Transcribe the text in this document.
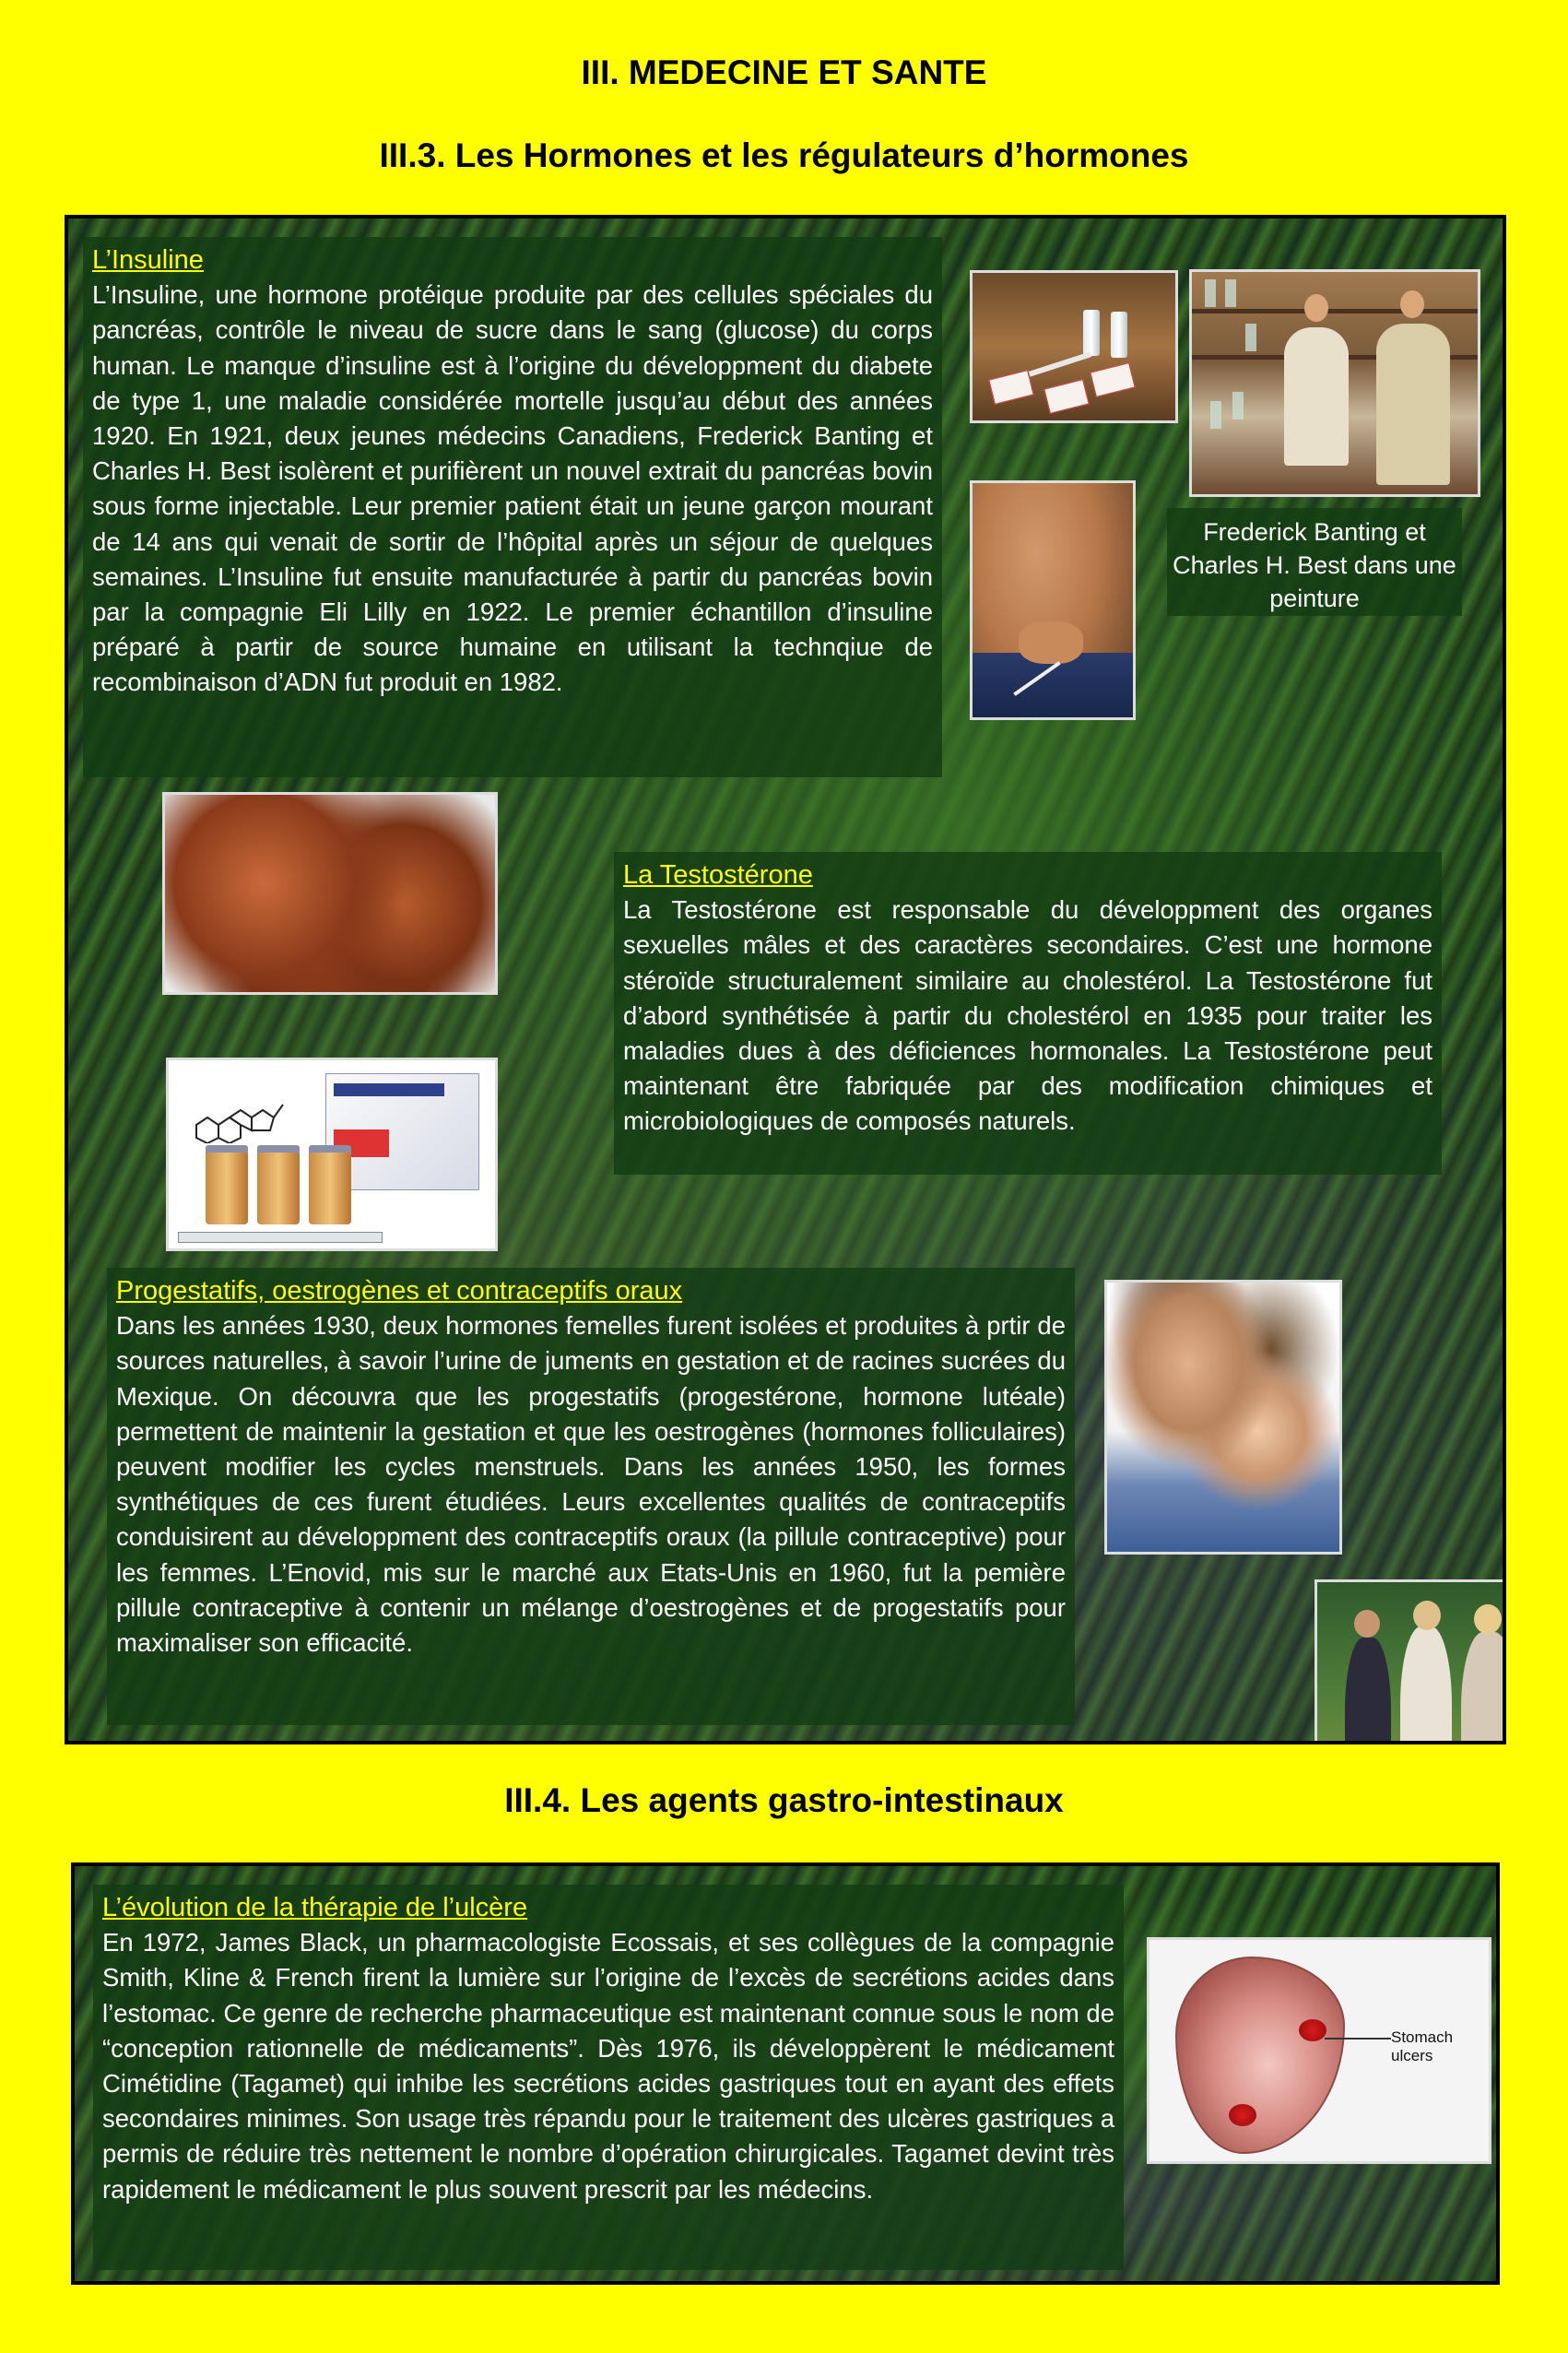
III. MEDECINE ET SANTE
III.3. Les Hormones et les régulateurs d’hormones
L’Insuline

L’Insuline, une hormone protéique produite par des cellules spéciales du pancréas, contrôle le niveau de sucre dans le sang (glucose) du corps human. Le manque d’insuline est à l’origine du développment du diabete de type 1, une maladie considérée mortelle jusqu’au début des années 1920. En 1921, deux jeunes médecins Canadiens, Frederick Banting et Charles H. Best isolèrent et purifièrent un nouvel extrait du pancréas bovin sous forme injectable. Leur premier patient était un jeune garçon mourant de 14 ans qui venait de sortir de l’hôpital après un séjour de quelques semaines. L’Insuline fut ensuite manufacturée à partir du pancréas bovin par la compagnie Eli Lilly en 1922. Le premier échantillon d’insuline préparé à partir de source humaine en utilisant la technqiue de recombinaison d’ADN fut produit en 1982.

Frederick Banting et Charles H. Best dans une peinture
La Testostérone

La Testostérone est responsable du développment des organes sexuelles mâles et des caractères secondaires. C’est une hormone stéroïde structuralement similaire au cholestérol. La Testostérone fut d’abord synthétisée à partir du cholestérol en 1935 pour traiter les maladies dues à des déficiences hormonales. La Testostérone peut maintenant être fabriquée par des modification chimiques et microbiologiques de composés naturels.

Progestatifs, oestrogènes et contraceptifs oraux

Dans les années 1930, deux hormones femelles furent isolées et produites à prtir de sources naturelles, à savoir l’urine de juments en gestation et de racines sucrées du Mexique. On découvra que les progestatifs (progestérone, hormone lutéale) permettent de maintenir la gestation et que les oestrogènes (hormones folliculaires) peuvent modifier les cycles menstruels. Dans les années 1950, les formes synthétiques de ces furent étudiées. Leurs excellentes qualités de contraceptifs conduisirent au développment des contraceptifs oraux (la pillule contraceptive) pour les femmes. L’Enovid, mis sur le marché aux Etats-Unis en 1960, fut la pemière pillule contraceptive à contenir un mélange d’oestrogènes et de progestatifs pour maximaliser son efficacité.

III.4. Les agents gastro-intestinaux
L’évolution de la thérapie de l’ulcère

En 1972, James Black, un pharmacologiste Ecossais, et ses collègues de la compagnie Smith, Kline & French firent la lumière sur l’origine de l’excès de secrétions acides dans l’estomac. Ce genre de recherche pharmaceutique est maintenant connue sous le nom de “conception rationnelle de médicaments”. Dès 1976, ils développèrent le médicament Cimétidine (Tagamet) qui inhibe les secrétions acides gastriques tout en ayant des effets secondaires minimes. Son usage très répandu pour le traitement des ulcères gastriques a permis de réduire très nettement le nombre d’opération chirurgicales. Tagamet devint très rapidement le médicament le plus souvent prescrit par les médecins.

Stomach ulcers
